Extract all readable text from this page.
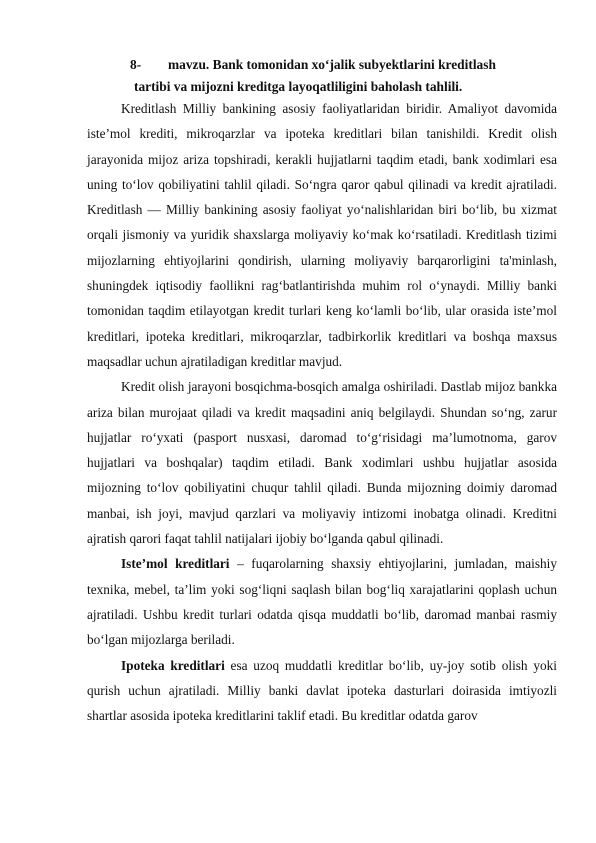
8- mavzu. Bank tomonidan xo‘jalik subyektlarini kreditlash
tartibi va mijozni kreditga layoqatliligini baholash tahlili.

Kreditlash Milliy bankining asosiy faoliyatlaridan biridir. Amaliyot davomida iste’mol krediti, mikroqarzlar va ipoteka kreditlari bilan tanishildi. Kredit olish jarayonida mijoz ariza topshiradi, kerakli hujjatlarni taqdim etadi, bank xodimlari esa uning to‘lov qobiliyatini tahlil qiladi. So‘ngra qaror qabul qilinadi va kredit ajratiladi. Kreditlash — Milliy bankining asosiy faoliyat yo‘nalishlaridan biri bo‘lib, bu xizmat orqali jismoniy va yuridik shaxslarga moliyaviy ko‘mak ko‘rsatiladi. Kreditlash tizimi mijozlarning ehtiyojlarini qondirish, ularning moliyaviy barqarorligini ta'minlash, shuningdek iqtisodiy faollikni rag‘batlantirishda muhim rol o‘ynaydi. Milliy banki tomonidan taqdim etilayotgan kredit turlari keng ko‘lamli bo‘lib, ular orasida iste’mol kreditlari, ipoteka kreditlari, mikroqarzlar, tadbirkorlik kreditlari va boshqa maxsus maqsadlar uchun ajratiladigan kreditlar mavjud.

Kredit olish jarayoni bosqichma-bosqich amalga oshiriladi. Dastlab mijoz bankka ariza bilan murojaat qiladi va kredit maqsadini aniq belgilaydi. Shundan so‘ng, zarur hujjatlar ro‘yxati (pasport nusxasi, daromad to‘g‘risidagi ma’lumotnoma, garov hujjatlari va boshqalar) taqdim etiladi. Bank xodimlari ushbu hujjatlar asosida mijozning to‘lov qobiliyatini chuqur tahlil qiladi. Bunda mijozning doimiy daromad manbai, ish joyi, mavjud qarzlari va moliyaviy intizomi inobatga olinadi. Kreditni ajratish qarori faqat tahlil natijalari ijobiy bo‘lganda qabul qilinadi.

Iste’mol kreditlari – fuqarolarning shaxsiy ehtiyojlarini, jumladan, maishiy texnika, mebel, ta’lim yoki sog‘liqni saqlash bilan bog‘liq xarajatlarini qoplash uchun ajratiladi. Ushbu kredit turlari odatda qisqa muddatli bo‘lib, daromad manbai rasmiy bo‘lgan mijozlarga beriladi.

Ipoteka kreditlari esa uzoq muddatli kreditlar bo‘lib, uy-joy sotib olish yoki qurish uchun ajratiladi. Milliy banki davlat ipoteka dasturlari doirasida imtiyozli shartlar asosida ipoteka kreditlarini taklif etadi. Bu kreditlar odatda garov
